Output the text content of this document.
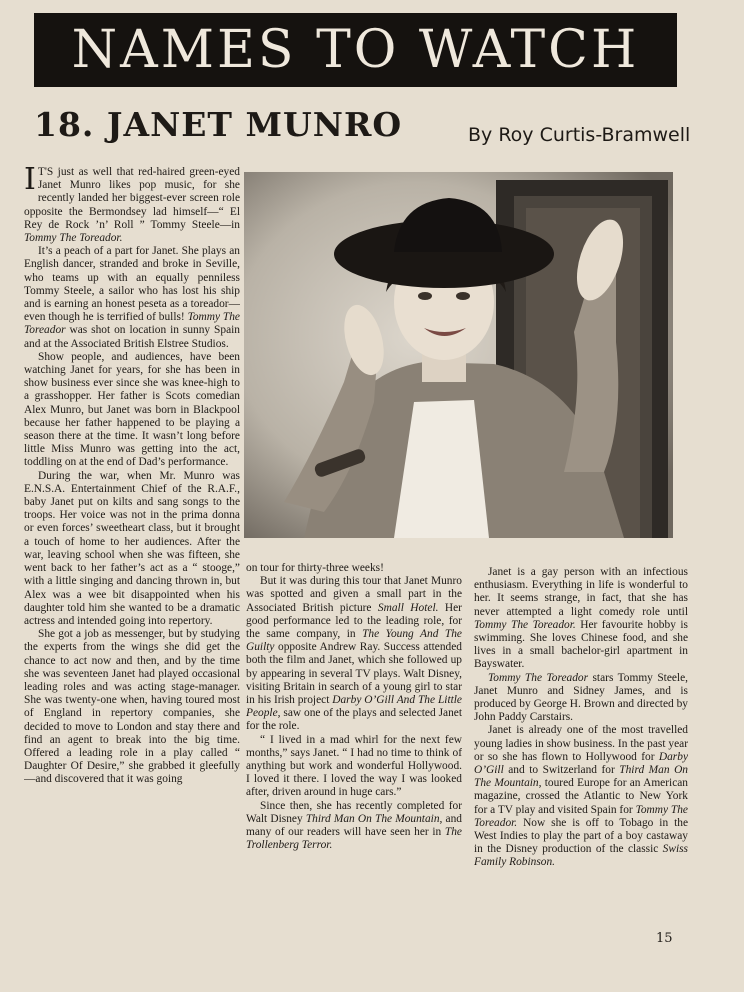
NAMES TO WATCH
18. JANET MUNRO	By Roy Curtis-Bramwell

I T'S just as well that red-haired green-eyed Janet Munro likes pop music, for she recently landed her biggest-ever screen role opposite the Bermondsey lad himself—“ El Rey de Rock ’n’ Roll ” Tommy Steele—in Tommy The Toreador.

It’s a peach of a part for Janet. She plays an English dancer, stranded and broke in Seville, who teams up with an equally penniless Tommy Steele, a sailor who has lost his ship and is earning an honest peseta as a toreador—even though he is terrified of bulls! Tommy The Toreador was shot on location in sunny Spain and at the Associated British Elstree Studios.

Show people, and audiences, have been watching Janet for years, for she has been in show business ever since she was knee-high to a grasshopper. Her father is Scots comedian Alex Munro, but Janet was born in Blackpool because her father happened to be playing a season there at the time. It wasn’t long before little Miss Munro was getting into the act, toddling on at the end of Dad’s performance.

During the war, when Mr. Munro was E.N.S.A. Entertainment Chief of the R.A.F., baby Janet put on kilts and sang songs to the troops. Her voice was not in the prima donna or even forces’ sweetheart class, but it brought a touch of home to her audiences. After the war, leaving school when she was fifteen, she went back to her father’s act as a “ stooge,” with a little singing and dancing thrown in, but Alex was a wee bit disappointed when his daughter told him she wanted to be a dramatic actress and intended going into repertory.

She got a job as messenger, but by studying the experts from the wings she did get the chance to act now and then, and by the time she was seventeen Janet had played occasional leading roles and was acting stage-manager. She was twenty-one when, having toured most of England in repertory companies, she decided to move to London and stay there and find an agent to break into the big time. Offered a leading role in a play called “ Daughter Of Desire,” she grabbed it gleefully—and discovered that it was going

on tour for thirty-three weeks!

But it was during this tour that Janet Munro was spotted and given a small part in the Associated British picture Small Hotel. Her good performance led to the leading role, for the same company, in The Young And The Guilty opposite Andrew Ray. Success attended both the film and Janet, which she followed up by appearing in several TV plays. Walt Disney, visiting Britain in search of a young girl to star in his Irish project Darby O’Gill And The Little People, saw one of the plays and selected Janet for the role.

“ I lived in a mad whirl for the next few months,” says Janet. “ I had no time to think of anything but work and wonderful Hollywood. I loved it there. I loved the way I was looked after, driven around in huge cars.”

Since then, she has recently completed for Walt Disney Third Man On The Mountain, and many of our readers will have seen her in The Trollenberg Terror.

Janet is a gay person with an infectious enthusiasm. Everything in life is wonderful to her. It seems strange, in fact, that she has never attempted a light comedy role until Tommy The Toreador. Her favourite hobby is swimming. She loves Chinese food, and she lives in a small bachelor-girl apartment in Bayswater.

Tommy The Toreador stars Tommy Steele, Janet Munro and Sidney James, and is produced by George H. Brown and directed by John Paddy Carstairs.

Janet is already one of the most travelled young ladies in show business. In the past year or so she has flown to Hollywood for Darby O’Gill and to Switzerland for Third Man On The Mountain, toured Europe for an American magazine, crossed the Atlantic to New York for a TV play and visited Spain for Tommy The Toreador. Now she is off to Tobago in the West Indies to play the part of a boy castaway in the Disney production of the classic Swiss Family Robinson.

15
